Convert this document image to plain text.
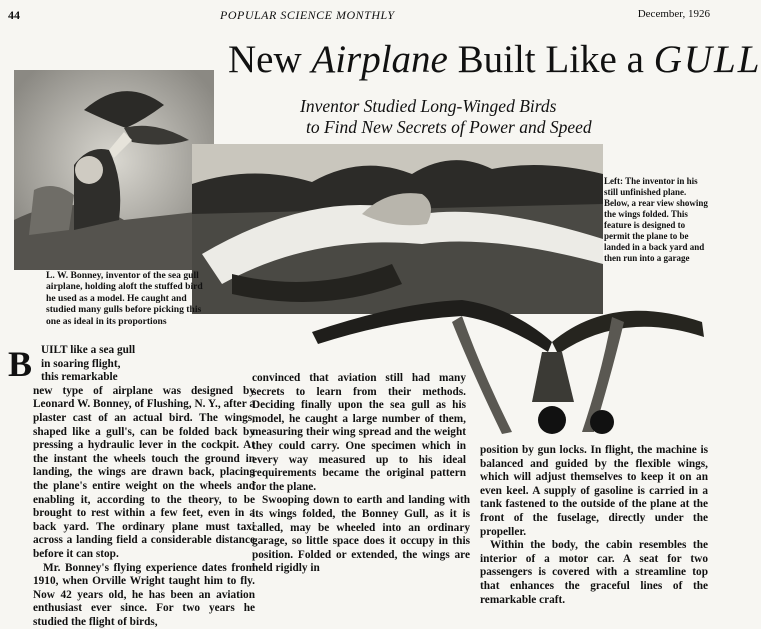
44	POPULAR SCIENCE MONTHLY	December, 1926
New Airplane Built Like a GULL
Inventor Studied Long-Winged Birds
to Find New Secrets of Power and Speed
L. W. Bonney, inventor of the sea gull airplane, holding aloft the stuffed bird he used as a model. He caught and studied many gulls before picking this one as ideal in its proportions
Left: The inventor in his still unfinished plane. Below, a rear view showing the wings folded. This feature is designed to permit the plane to be landed in a back yard and then run into a garage
B UILT like a sea gull
in soaring flight,
this remarkable

new type of airplane was designed by Leonard W. Bonney, of Flushing, N. Y., after a plaster cast of an actual bird. The wings, shaped like a gull's, can be folded back by pressing a hydraulic lever in the cockpit. At the instant the wheels touch the ground in landing, the wings are drawn back, placing the plane's entire weight on the wheels and enabling it, according to the theory, to be brought to rest within a few feet, even in a back yard. The ordinary plane must taxi across a landing field a considerable distance before it can stop.

Mr. Bonney's flying experience dates from 1910, when Orville Wright taught him to fly. Now 42 years old, he has been an aviation enthusiast ever since. For two years he studied the flight of birds,

convinced that aviation still had many secrets to learn from their methods. Deciding finally upon the sea gull as his model, he caught a large number of them, measuring their wing spread and the weight they could carry. One specimen which in every way measured up to his ideal requirements became the original pattern for the plane.

Swooping down to earth and landing with its wings folded, the Bonney Gull, as it is called, may be wheeled into an ordinary garage, so little space does it occupy in this position. Folded or extended, the wings are held rigidly in

position by gun locks. In flight, the machine is balanced and guided by the flexible wings, which will adjust themselves to keep it on an even keel. A supply of gasoline is carried in a tank fastened to the outside of the plane at the front of the fuselage, directly under the propeller.

Within the body, the cabin resembles the interior of a motor car. A seat for two passengers is covered with a streamline top that enhances the graceful lines of the remarkable craft.
